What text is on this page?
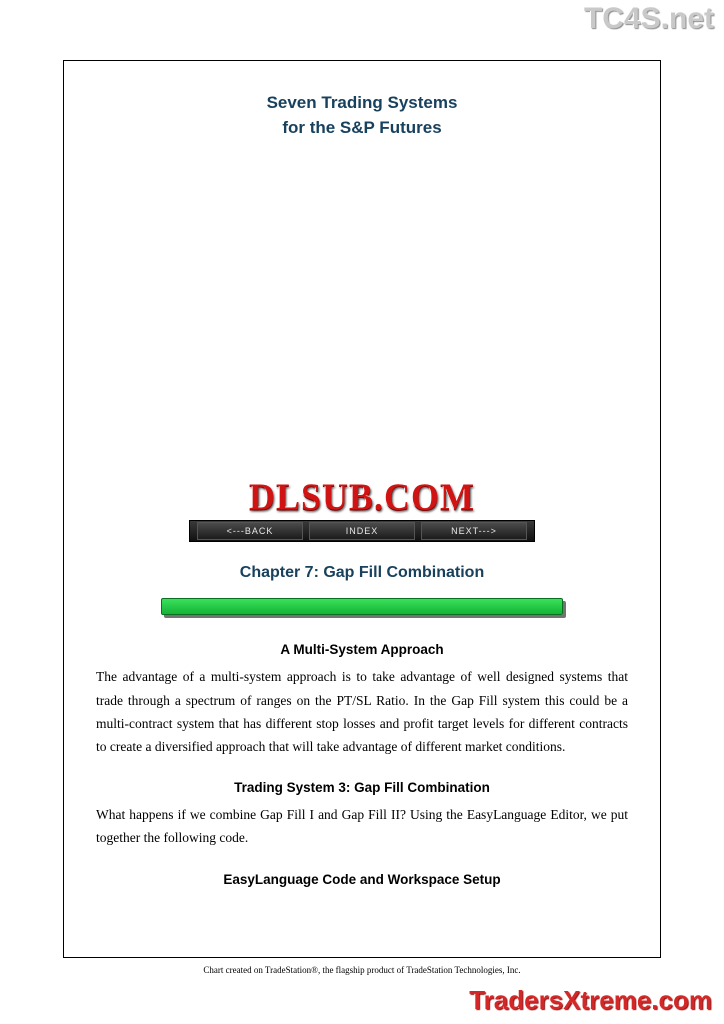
TC4S.net
Seven Trading Systems
for the S&P Futures
DLSUB.COM
<---BACK	INDEX	NEXT--->
Chapter 7: Gap Fill Combination
A Multi-System Approach
The advantage of a multi-system approach is to take advantage of well designed systems that trade through a spectrum of ranges on the PT/SL Ratio. In the Gap Fill system this could be a multi-contract system that has different stop losses and profit target levels for different contracts to create a diversified approach that will take advantage of different market conditions.
Trading System 3: Gap Fill Combination
What happens if we combine Gap Fill I and Gap Fill II? Using the EasyLanguage Editor, we put together the following code.
EasyLanguage Code and Workspace Setup
Chart created on TradeStation®, the flagship product of TradeStation Technologies, Inc.
TradersXtreme.com
